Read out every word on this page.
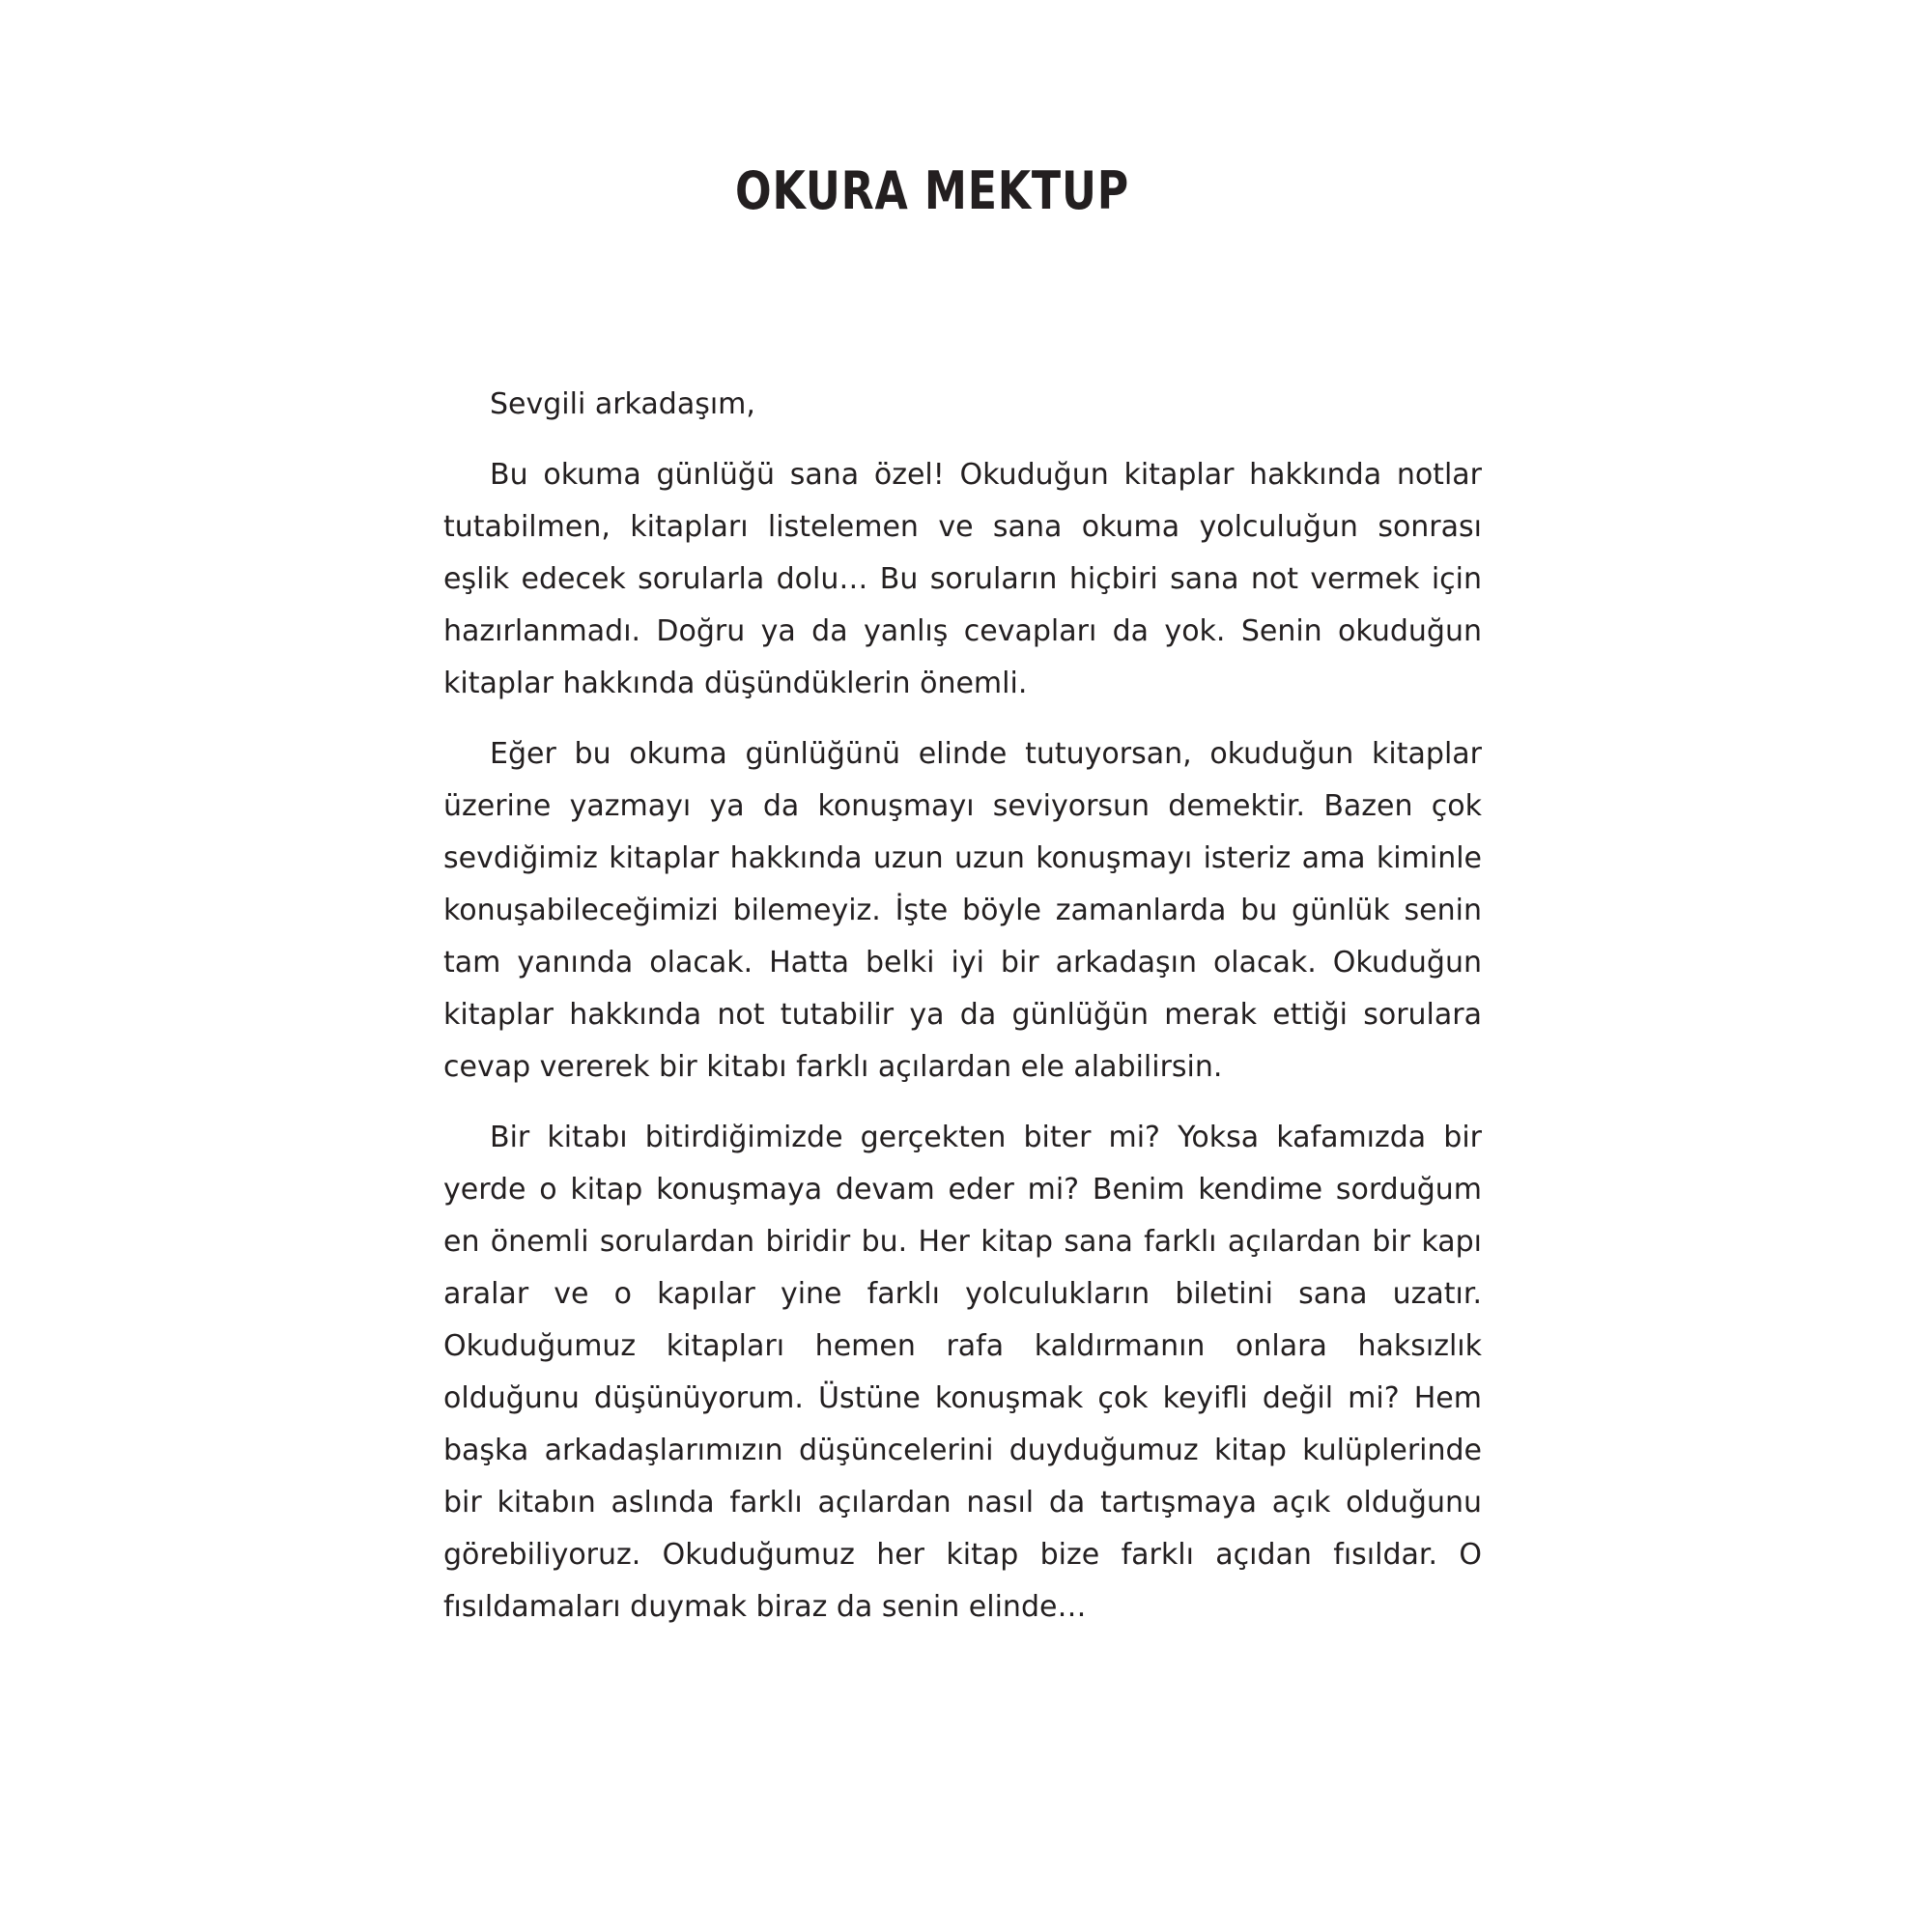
OKURA MEKTUP

Sevgili arkadaşım,

Bu okuma günlüğü sana özel! Okuduğun kitaplar hakkında notlar tutabilmen, kitapları listelemen ve sana okuma yolculuğun sonrası eşlik edecek sorularla dolu… Bu soruların hiçbiri sana not vermek için hazırlanmadı. Doğru ya da yanlış cevapları da yok. Senin okuduğun kitaplar hakkında düşündüklerin önemli.

Eğer bu okuma günlüğünü elinde tutuyorsan, okuduğun kitaplar üzerine yazmayı ya da konuşmayı seviyorsun demektir. Bazen çok sevdiğimiz kitaplar hakkında uzun uzun konuşmayı isteriz ama kiminle konuşabileceğimizi bilemeyiz. İşte böyle zamanlarda bu günlük senin tam yanında olacak. Hatta belki iyi bir arkadaşın olacak. Okuduğun kitaplar hakkında not tutabilir ya da günlüğün merak ettiği sorulara cevap vererek bir kitabı farklı açılardan ele alabilirsin.

Bir kitabı bitirdiğimizde gerçekten biter mi? Yoksa kafamızda bir yerde o kitap konuşmaya devam eder mi? Benim kendime sorduğum en önemli sorulardan biridir bu. Her kitap sana farklı açılardan bir kapı aralar ve o kapılar yine farklı yolculukların biletini sana uzatır. Okuduğumuz kitapları hemen rafa kaldırmanın onlara haksızlık olduğunu düşünüyorum. Üstüne konuşmak çok keyifli değil mi? Hem başka arkadaşlarımızın düşüncelerini duyduğumuz kitap kulüplerinde bir kitabın aslında farklı açılardan nasıl da tartışmaya açık olduğunu görebiliyoruz. Okuduğumuz her kitap bize farklı açıdan fısıldar. O fısıldamaları duymak biraz da senin elinde…
